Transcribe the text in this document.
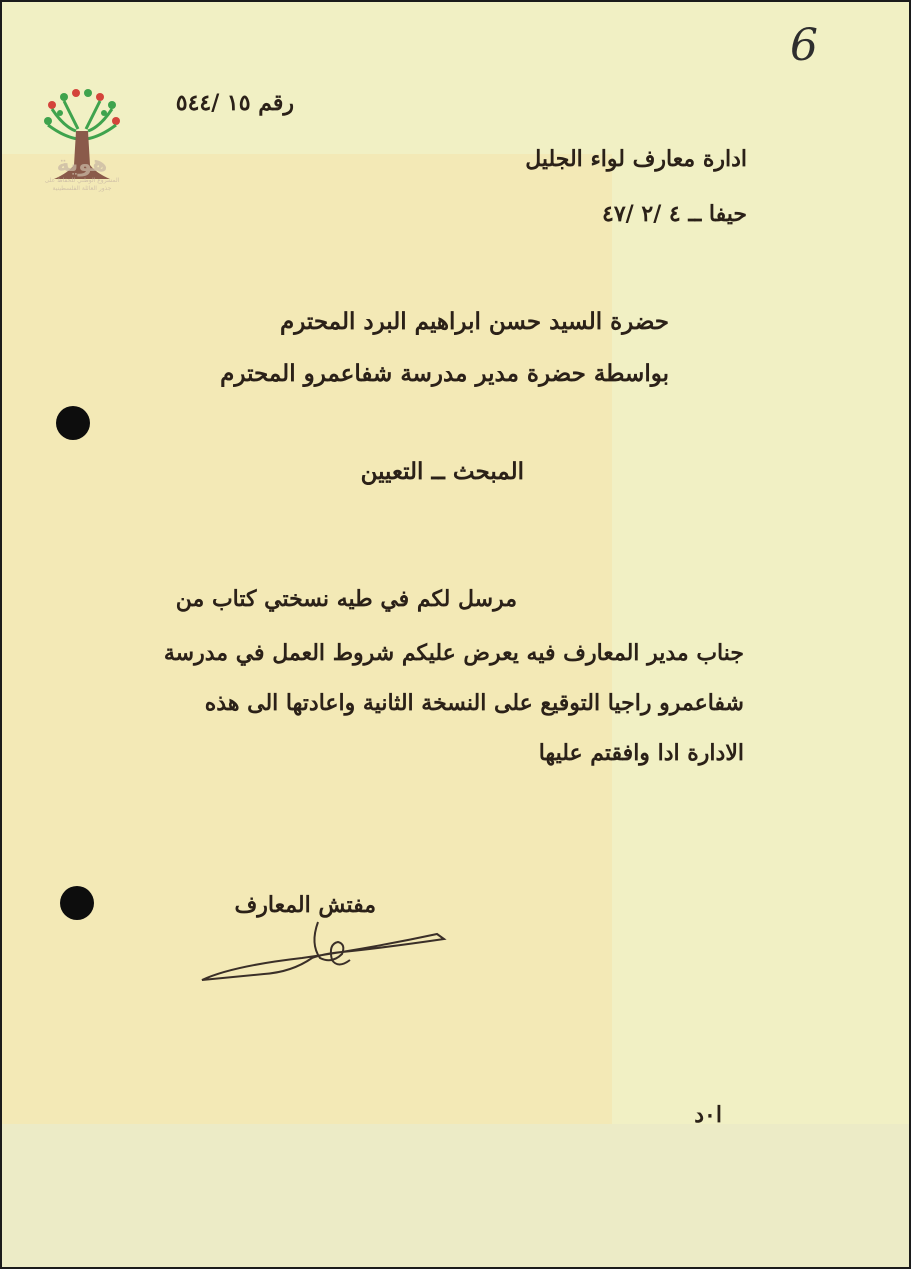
6
هوية
المشروع الوطني للحفاظ على
جذور العائلة الفلسطينية
رقم ١٥ /٥٤٤
ادارة معارف لواء الجليل
حيفا ــ ٤ /٢ /٤٧
حضرة السيد حسن ابراهيم البرد المحترم
بواسطة حضرة مدير مدرسة شفاعمرو المحترم
المبحث ــ التعيين
مرسل لكم في طيه نسختي كتاب من
جناب مدير المعارف فيه يعرض عليكم شروط العمل في مدرسة
شفاعمرو راجيا التوقيع على النسخة الثانية واعادتها الى هذه
الادارة ادا وافقتم عليها
مفتش المعارف
ا٠د
